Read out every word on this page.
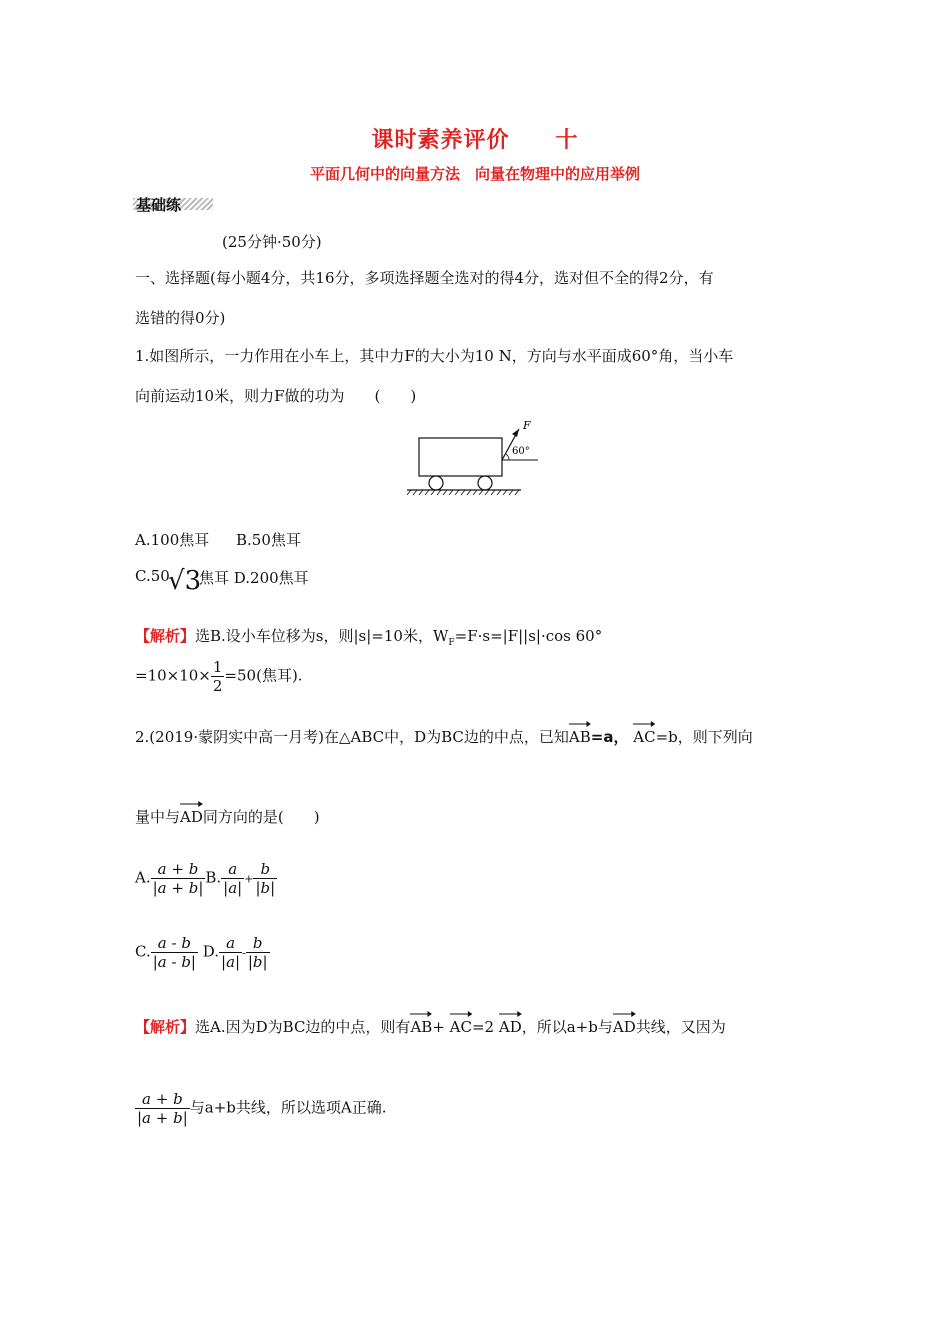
课时素养评价　　十
平面几何中的向量方法　向量在物理中的应用举例
基础练
(25分钟·50分)
一、选择题(每小题4分，共16分，多项选择题全选对的得4分，选对但不全的得2分，有
选错的得0分)
1.如图所示，一力作用在小车上，其中力F的大小为10 N，方向与水平面成60°角，当小车
向前运动10米，则力F做的功为　　(　　)
F
60°
A.100焦耳 B.50焦耳
C.50
√3
焦耳 D.200焦耳
【解析】选B.设小车位移为s，则|s|=10米，$W_F=F\cdot s=|F||s|\cdot\cos$ 60°
$=10\times 10\times \frac{1}{2} =50$(焦耳).
2.(2019·蒙阴实中高一月考)在△ABC中，D为BC边的中点，已知
AB=a， AC=b，则下列向
量中与
AD同方向的是(　　)
A. $\frac{a + b}{|a + b|} B$. $\frac{a}{|a|} + \frac{b}{|b|}$
C. $\frac{a - b}{|a - b|} D$. $\frac{a}{|a|} - \frac{b}{|b|}$
【解析】选A.因为D为BC边的中点，则有
AB+ AC=2 AD，所以a+b与
AD共线，又因为
$\frac{a + b}{|a + b|}$ 与a+b共线，所以选项A正确.
